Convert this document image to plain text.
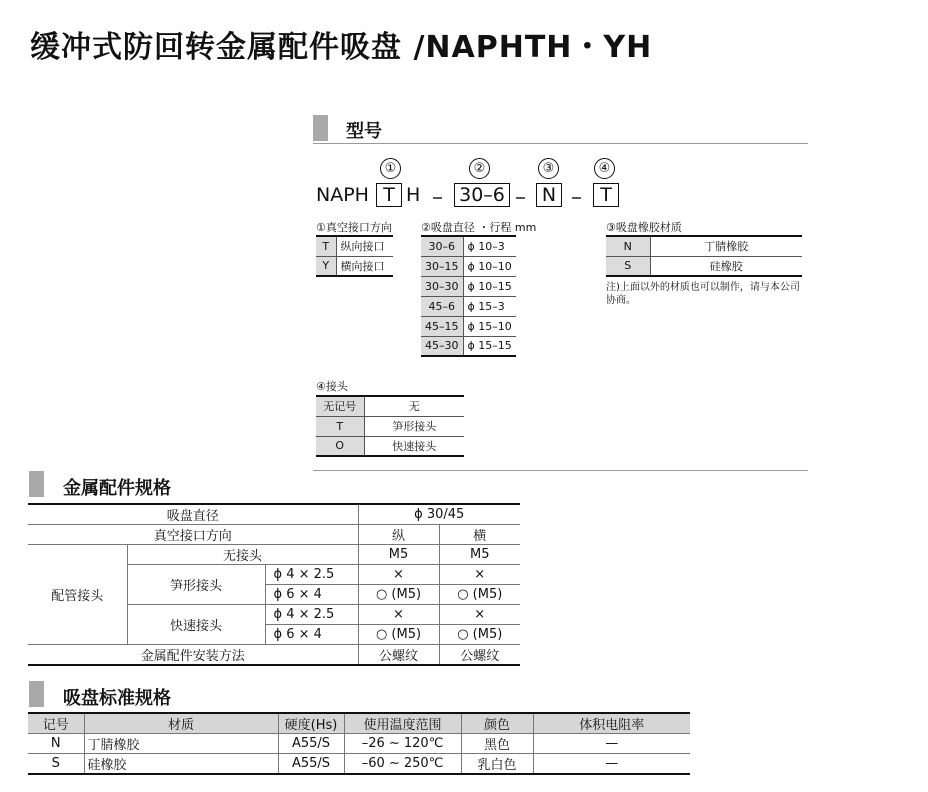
缓冲式防回转金属配件吸盘 /NAPHTH・YH
型号
①	②	③	④
NAPH T H 30–6	N	T
①真空接口方向
T	纵向接口
Y	横向接口
②吸盘直径 ・行程 mm
30–6	ϕ 10–3
30–15	ϕ 10–10
30–30	ϕ 10–15
45–6	ϕ 15–3
45–15	ϕ 15–10
45–30	ϕ 15–15
③吸盘橡胶材质
N	丁腈橡胶
S	硅橡胶
注)上面以外的材质也可以制作，请与本公司协商。
④接头
无记号	无
T	笋形接头
O	快速接头
金属配件规格
吸盘直径			ϕ 30/45	
真空接口方向			纵	横

配管接头	无接头		M5	M5
	笋形接头	ϕ 4 × 2.5	×	×
		ϕ 6 × 4	○ (M5)	○ (M5)
	快速接头	ϕ 4 × 2.5	×	×
		ϕ 6 × 4	○ (M5)	○ (M5)
金属配件安装方法			公螺纹	公螺纹
吸盘标准规格
记号	材质	硬度(Hs)	使用温度范围	颜色	体积电阻率
N	丁腈橡胶	A55/S	–26 ~ 120℃	黑色	—
S	硅橡胶	A55/S	–60 ~ 250℃	乳白色	—
